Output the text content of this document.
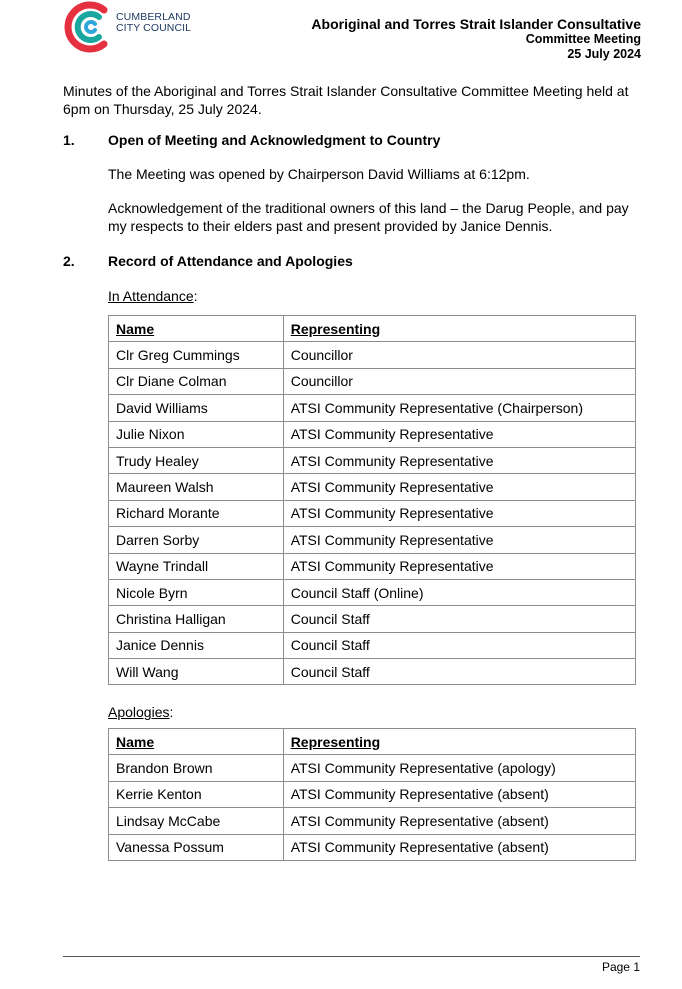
CUMBERLAND
CITY COUNCIL	Aboriginal and Torres Strait Islander Consultative
Committee Meeting
25 July 2024
Minutes of the Aboriginal and Torres Strait Islander Consultative Committee Meeting held at 6pm on Thursday, 25 July 2024.
1. Open of Meeting and Acknowledgment to Country
The Meeting was opened by Chairperson David Williams at 6:12pm.
Acknowledgement of the traditional owners of this land – the Darug People, and pay my respects to their elders past and present provided by Janice Dennis.
2. Record of Attendance and Apologies
In Attendance:
Name	Representing
Clr Greg Cummings	Councillor
Clr Diane Colman	Councillor
David Williams	ATSI Community Representative (Chairperson)
Julie Nixon	ATSI Community Representative
Trudy Healey	ATSI Community Representative
Maureen Walsh	ATSI Community Representative
Richard Morante	ATSI Community Representative
Darren Sorby	ATSI Community Representative
Wayne Trindall	ATSI Community Representative
Nicole Byrn	Council Staff (Online)
Christina Halligan	Council Staff
Janice Dennis	Council Staff
Will Wang	Council Staff
Apologies:
Name	Representing
Brandon Brown	ATSI Community Representative (apology)
Kerrie Kenton	ATSI Community Representative (absent)
Lindsay McCabe	ATSI Community Representative (absent)
Vanessa Possum	ATSI Community Representative (absent)
Page 1
